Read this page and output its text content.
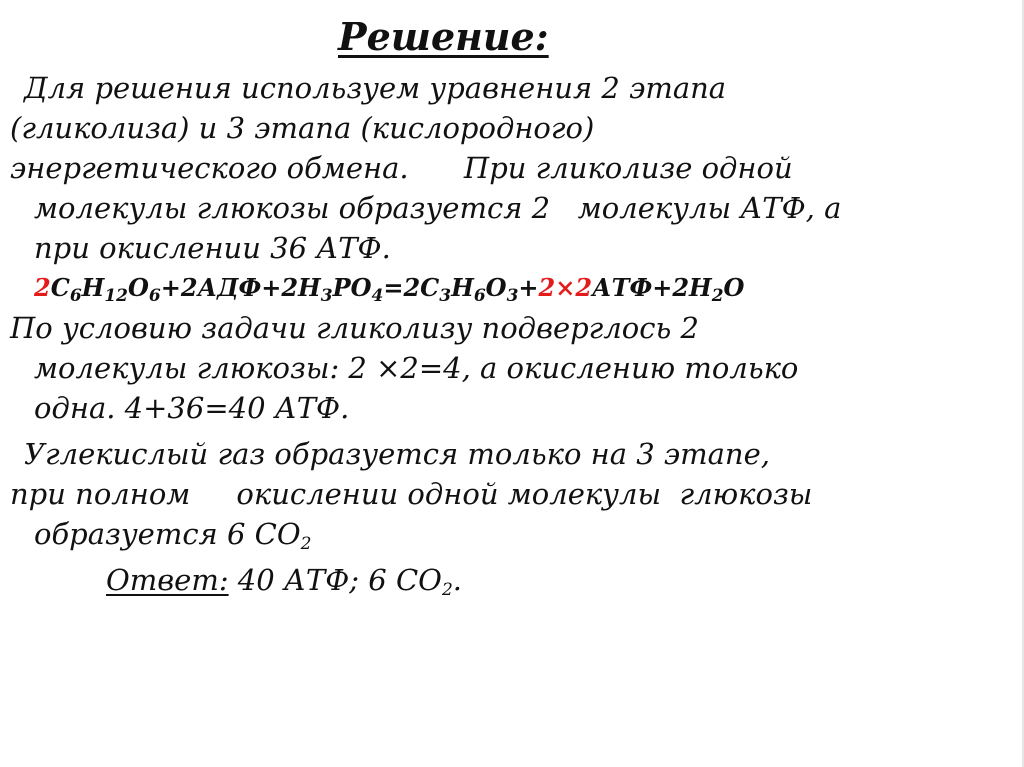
Решение:
Для решения используем уравнения 2 этапа
(гликолиза) и 3 этапа (кислородного)
энергетического обмена.      При гликолизе одной
молекулы глюкозы образуется 2   молекулы АТФ, а
при окислении 36 АТФ.
$2C_6H_{12}O_6+2АДФ+2H_3PO_4=2C_3H_6O_3+2\times 2АТФ+2H_2O$
По условию задачи гликолизу подверглось 2
молекулы глюкозы: 2 ×2=4, а окислению только
одна. 4+36=40 АТФ.
Углекислый газ образуется только на 3 этапе,
при полном     окислении одной молекулы  глюкозы
образуется 6 $СО_2$
Ответ: 40 АТФ; 6 $СО_2$.
